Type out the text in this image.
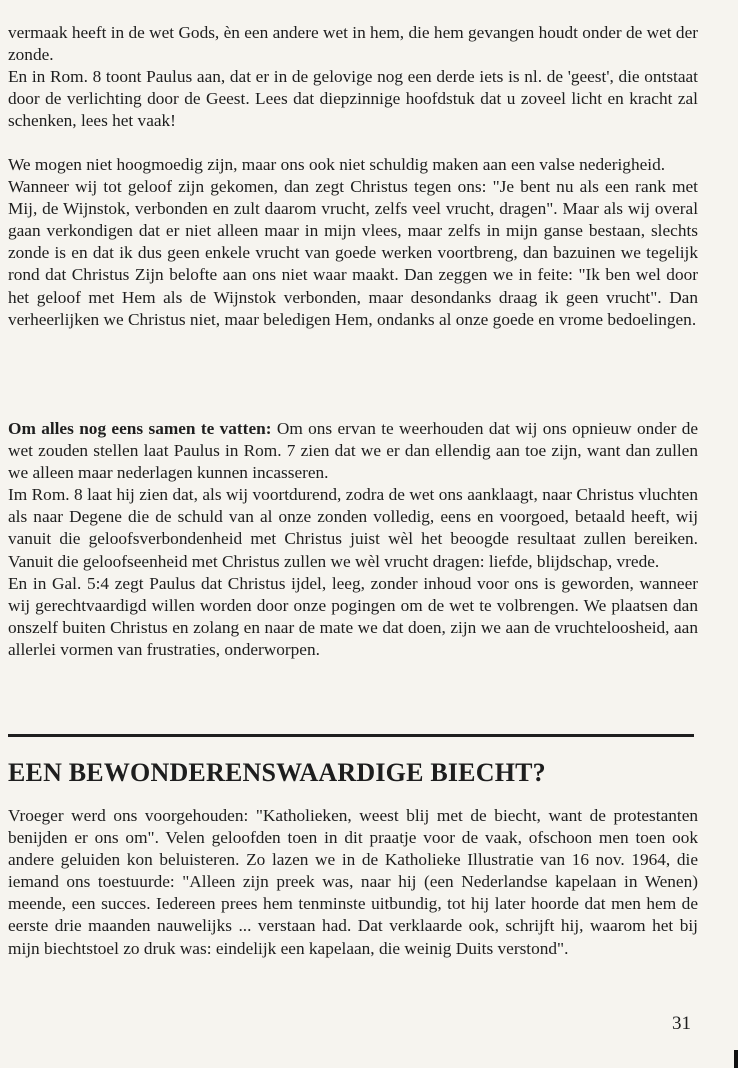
vermaak heeft in de wet Gods, èn een andere wet in hem, die hem gevangen houdt onder de wet der zonde.

En in Rom. 8 toont Paulus aan, dat er in de gelovige nog een derde iets is nl. de 'geest', die ontstaat door de verlichting door de Geest. Lees dat diepzinnige hoofdstuk dat u zoveel licht en kracht zal schenken, lees het vaak!

We mogen niet hoogmoedig zijn, maar ons ook niet schuldig maken aan een valse nederigheid.

Wanneer wij tot geloof zijn gekomen, dan zegt Christus tegen ons: "Je bent nu als een rank met Mij, de Wijnstok, verbonden en zult daarom vrucht, zelfs veel vrucht, dragen". Maar als wij overal gaan verkondigen dat er niet alleen maar in mijn vlees, maar zelfs in mijn ganse bestaan, slechts zonde is en dat ik dus geen enkele vrucht van goede werken voortbreng, dan bazuinen we tegelijk rond dat Christus Zijn belofte aan ons niet waar maakt. Dan zeggen we in feite: "Ik ben wel door het geloof met Hem als de Wijnstok verbonden, maar desondanks draag ik geen vrucht". Dan verheerlijken we Christus niet, maar beledigen Hem, ondanks al onze goede en vrome bedoelingen.

Om alles nog eens samen te vatten: Om ons ervan te weerhouden dat wij ons opnieuw onder de wet zouden stellen laat Paulus in Rom. 7 zien dat we er dan ellendig aan toe zijn, want dan zullen we alleen maar nederlagen kunnen incasseren.

Im Rom. 8 laat hij zien dat, als wij voortdurend, zodra de wet ons aanklaagt, naar Christus vluchten als naar Degene die de schuld van al onze zonden volledig, eens en voorgoed, betaald heeft, wij vanuit die geloofsverbondenheid met Christus juist wèl het beoogde resultaat zullen bereiken. Vanuit die geloofseenheid met Christus zullen we wèl vrucht dragen: liefde, blijdschap, vrede.

En in Gal. 5:4 zegt Paulus dat Christus ijdel, leeg, zonder inhoud voor ons is geworden, wanneer wij gerechtvaardigd willen worden door onze pogingen om de wet te volbrengen. We plaatsen dan onszelf buiten Christus en zolang en naar de mate we dat doen, zijn we aan de vruchteloosheid, aan allerlei vormen van frustraties, onderworpen.

EEN BEWONDERENSWAARDIGE BIECHT?

Vroeger werd ons voorgehouden: "Katholieken, weest blij met de biecht, want de protestanten benijden er ons om". Velen geloofden toen in dit praatje voor de vaak, ofschoon men toen ook andere geluiden kon beluisteren. Zo lazen we in de Katholieke Illustratie van 16 nov. 1964, die iemand ons toestuurde: "Alleen zijn preek was, naar hij (een Nederlandse kapelaan in Wenen) meende, een succes. Iedereen prees hem tenminste uitbundig, tot hij later hoorde dat men hem de eerste drie maanden nauwelijks ... verstaan had. Dat verklaarde ook, schrijft hij, waarom het bij mijn biechtstoel zo druk was: eindelijk een kapelaan, die weinig Duits verstond".

31
